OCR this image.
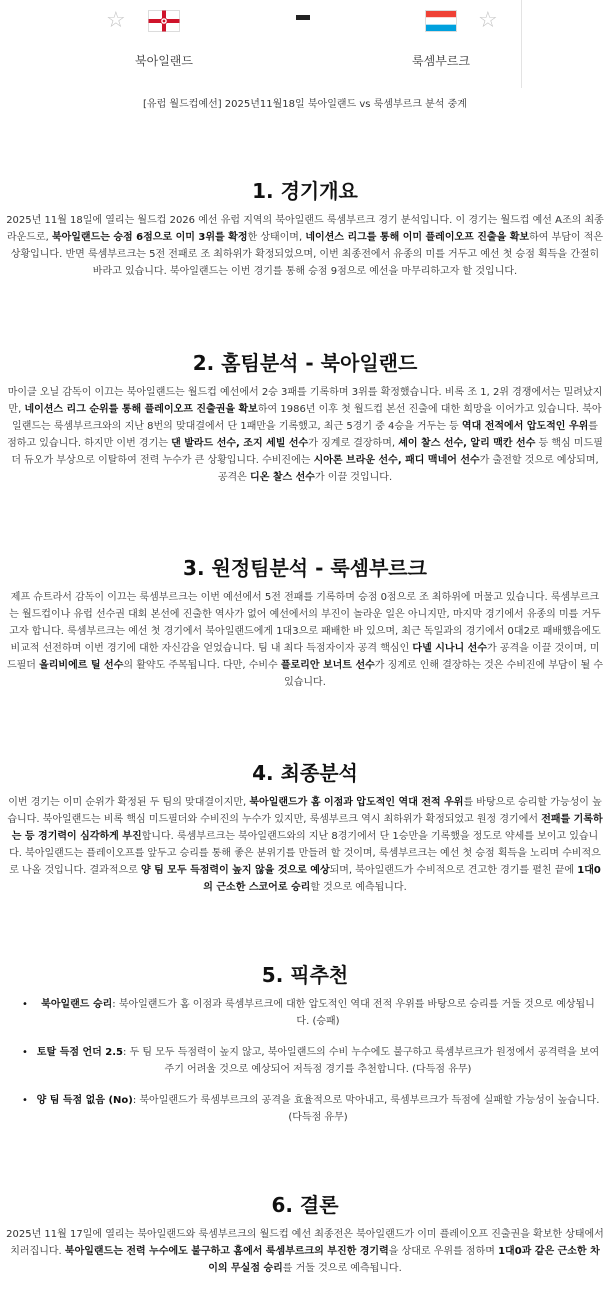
☆	☆
북아일랜드	룩셈부르크
[유럽 월드컵예선] 2025년11월18일 북아일랜드 vs 룩셈부르크 분석 중계
1. 경기개요

2025년 11월 18일에 열리는 월드컵 2026 예선 유럽 지역의 북아일랜드 룩셈부르크 경기 분석입니다. 이 경기는 월드컵 예선 A조의 최종 라운드로, 북아일랜드는 승점 6점으로 이미 3위를 확정한 상태이며, 네이션스 리그를 통해 이미 플레이오프 진출을 확보하여 부담이 적은 상황입니다. 반면 룩셈부르크는 5전 전패로 조 최하위가 확정되었으며, 이번 최종전에서 유종의 미를 거두고 예선 첫 승점 획득을 간절히 바라고 있습니다. 북아일랜드는 이번 경기를 통해 승점 9점으로 예선을 마무리하고자 할 것입니다.

2. 홈팀분석 - 북아일랜드

마이클 오닐 감독이 이끄는 북아일랜드는 월드컵 예선에서 2승 3패를 기록하며 3위를 확정했습니다. 비록 조 1, 2위 경쟁에서는 밀려났지만, 네이션스 리그 순위를 통해 플레이오프 진출권을 확보하여 1986년 이후 첫 월드컵 본선 진출에 대한 희망을 이어가고 있습니다. 북아일랜드는 룩셈부르크와의 지난 8번의 맞대결에서 단 1패만을 기록했고, 최근 5경기 중 4승을 거두는 등 역대 전적에서 압도적인 우위를 점하고 있습니다. 하지만 이번 경기는 댄 발라드 선수, 조지 세빌 선수가 징계로 결장하며, 셰이 찰스 선수, 알리 맥칸 선수 등 핵심 미드필더 듀오가 부상으로 이탈하여 전력 누수가 큰 상황입니다. 수비진에는 시아론 브라운 선수, 패디 맥네어 선수가 출전할 것으로 예상되며, 공격은 디온 찰스 선수가 이끌 것입니다.

3. 원정팀분석 - 룩셈부르크

제프 슈트라서 감독이 이끄는 룩셈부르크는 이번 예선에서 5전 전패를 기록하며 승점 0점으로 조 최하위에 머물고 있습니다. 룩셈부르크는 월드컵이나 유럽 선수권 대회 본선에 진출한 역사가 없어 예선에서의 부진이 놀라운 일은 아니지만, 마지막 경기에서 유종의 미를 거두고자 합니다. 룩셈부르크는 예선 첫 경기에서 북아일랜드에게 1대3으로 패배한 바 있으며, 최근 독일과의 경기에서 0대2로 패배했음에도 비교적 선전하며 이번 경기에 대한 자신감을 얻었습니다. 팀 내 최다 득점자이자 공격 핵심인 다넬 시나니 선수가 공격을 이끌 것이며, 미드필더 올리비에르 틸 선수의 활약도 주목됩니다. 다만, 수비수 플로리안 보너트 선수가 징계로 인해 결장하는 것은 수비진에 부담이 될 수 있습니다.

4. 최종분석

이번 경기는 이미 순위가 확정된 두 팀의 맞대결이지만, 북아일랜드가 홈 이점과 압도적인 역대 전적 우위를 바탕으로 승리할 가능성이 높습니다. 북아일랜드는 비록 핵심 미드필더와 수비진의 누수가 있지만, 룩셈부르크 역시 최하위가 확정되었고 원정 경기에서 전패를 기록하는 등 경기력이 심각하게 부진합니다. 룩셈부르크는 북아일랜드와의 지난 8경기에서 단 1승만을 기록했을 정도로 약세를 보이고 있습니다. 북아일랜드는 플레이오프를 앞두고 승리를 통해 좋은 분위기를 만들려 할 것이며, 룩셈부르크는 예선 첫 승점 획득을 노리며 수비적으로 나올 것입니다. 결과적으로 양 팀 모두 득점력이 높지 않을 것으로 예상되며, 북아일랜드가 수비적으로 견고한 경기를 펼친 끝에 1대0의 근소한 스코어로 승리할 것으로 예측됩니다.

5. 픽추천
• 북아일랜드 승리: 북아일랜드가 홈 이점과 룩셈부르크에 대한 압도적인 역대 전적 우위를 바탕으로 승리를 거둘 것으로 예상됩니다. (승패)
• 토탈 득점 언더 2.5: 두 팀 모두 득점력이 높지 않고, 북아일랜드의 수비 누수에도 불구하고 룩셈부르크가 원정에서 공격력을 보여주기 어려울 것으로 예상되어 저득점 경기를 추천합니다. (다득점 유무)
• 양 팀 득점 없음 (No): 북아일랜드가 룩셈부르크의 공격을 효율적으로 막아내고, 룩셈부르크가 득점에 실패할 가능성이 높습니다. (다득점 유무)
6. 결론

2025년 11월 17일에 열리는 북아일랜드와 룩셈부르크의 월드컵 예선 최종전은 북아일랜드가 이미 플레이오프 진출권을 확보한 상태에서 치러집니다. 북아일랜드는 전력 누수에도 불구하고 홈에서 룩셈부르크의 부진한 경기력을 상대로 우위를 점하며 1대0과 같은 근소한 차이의 무실점 승리를 거둘 것으로 예측됩니다.
